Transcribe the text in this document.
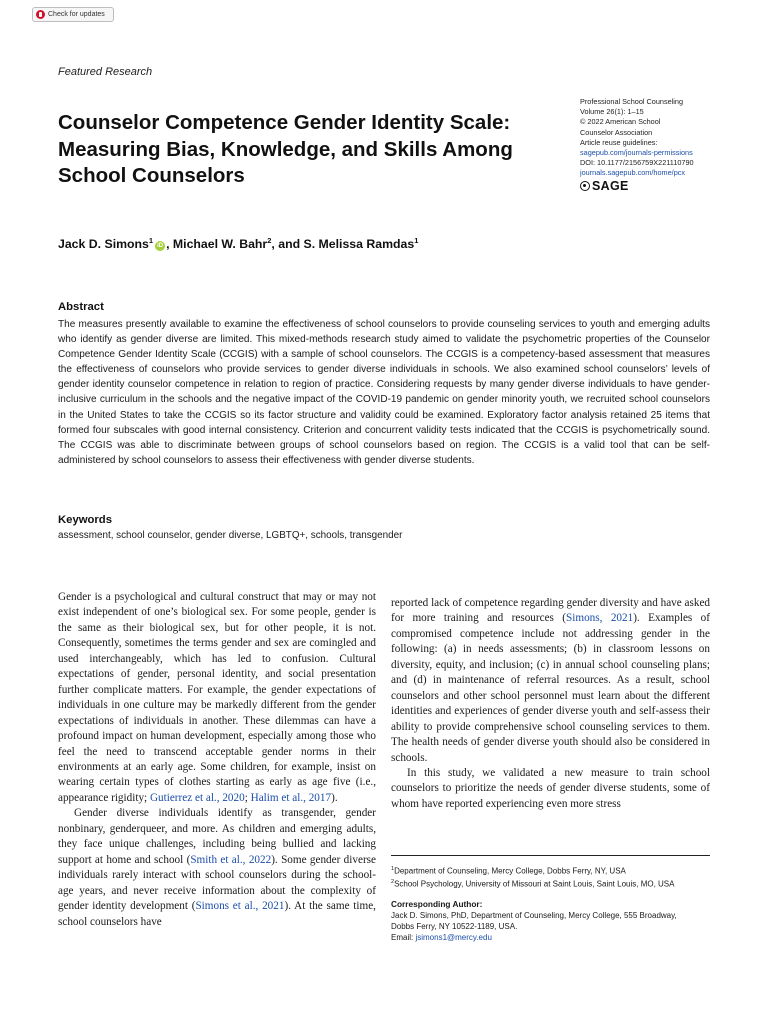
Check for updates
Featured Research
Counselor Competence Gender Identity Scale: Measuring Bias, Knowledge, and Skills Among School Counselors
Professional School Counseling
Volume 26(1): 1–15
© 2022 American School
Counselor Association
Article reuse guidelines:
sagepub.com/journals-permissions
DOI: 10.1177/2156759X221110790
journals.sagepub.com/home/pcx
SAGE
Jack D. Simons$^1$iD , Michael W. Bahr$^2$, and S. Melissa Ramdas$^1$
Abstract

The measures presently available to examine the effectiveness of school counselors to provide counseling services to youth and emerging adults who identify as gender diverse are limited. This mixed-methods research study aimed to validate the psychometric properties of the Counselor Competence Gender Identity Scale (CCGIS) with a sample of school counselors. The CCGIS is a competency-based assessment that measures the effectiveness of counselors who provide services to gender diverse individuals in schools. We also examined school counselors’ levels of gender identity counselor competence in relation to region of practice. Considering requests by many gender diverse individuals to have gender-inclusive curriculum in the schools and the negative impact of the COVID-19 pandemic on gender minority youth, we recruited school counselors in the United States to take the CCGIS so its factor structure and validity could be examined. Exploratory factor analysis retained 25 items that formed four subscales with good internal consistency. Criterion and concurrent validity tests indicated that the CCGIS is psychometrically sound. The CCGIS was able to discriminate between groups of school counselors based on region. The CCGIS is a valid tool that can be self-administered by school counselors to assess their effectiveness with gender diverse students.

Keywords
assessment, school counselor, gender diverse, LGBTQ+, schools, transgender

Gender is a psychological and cultural construct that may or may not exist independent of one’s biological sex. For some people, gender is the same as their biological sex, but for other people, it is not. Consequently, sometimes the terms gender and sex are comingled and used interchangeably, which has led to confusion. Cultural expectations of gender, personal identity, and social presentation further complicate matters. For example, the gender expectations of individuals in one culture may be markedly different from the gender expectations of individuals in another. These dilemmas can have a profound impact on human development, especially among those who feel the need to transcend acceptable gender norms in their environments at an early age. Some children, for example, insist on wearing certain types of clothes starting as early as age five (i.e., appearance rigidity; Gutierrez et al., 2020; Halim et al., 2017).

Gender diverse individuals identify as transgender, gender nonbinary, genderqueer, and more. As children and emerging adults, they face unique challenges, including being bullied and lacking support at home and school (Smith et al., 2022). Some gender diverse individuals rarely interact with school counselors during the school-age years, and never receive information about the complexity of gender identity development (Simons et al., 2021). At the same time, school counselors have

reported lack of competence regarding gender diversity and have asked for more training and resources (Simons, 2021). Examples of compromised competence include not addressing gender in the following: (a) in needs assessments; (b) in classroom lessons on diversity, equity, and inclusion; (c) in annual school counseling plans; and (d) in maintenance of referral resources. As a result, school counselors and other school personnel must learn about the different identities and experiences of gender diverse youth and self-assess their ability to provide comprehensive school counseling services to them. The health needs of gender diverse youth should also be considered in schools.

In this study, we validated a new measure to train school counselors to prioritize the needs of gender diverse students, some of whom have reported experiencing even more stress

$^1$Department of Counseling, Mercy College, Dobbs Ferry, NY, USA
$^2$School Psychology, University of Missouri at Saint Louis, Saint Louis, MO, USA
Corresponding Author:
Jack D. Simons, PhD, Department of Counseling, Mercy College, 555 Broadway,
Dobbs Ferry, NY 10522-1189, USA.
Email: jsimons1@mercy.edu
